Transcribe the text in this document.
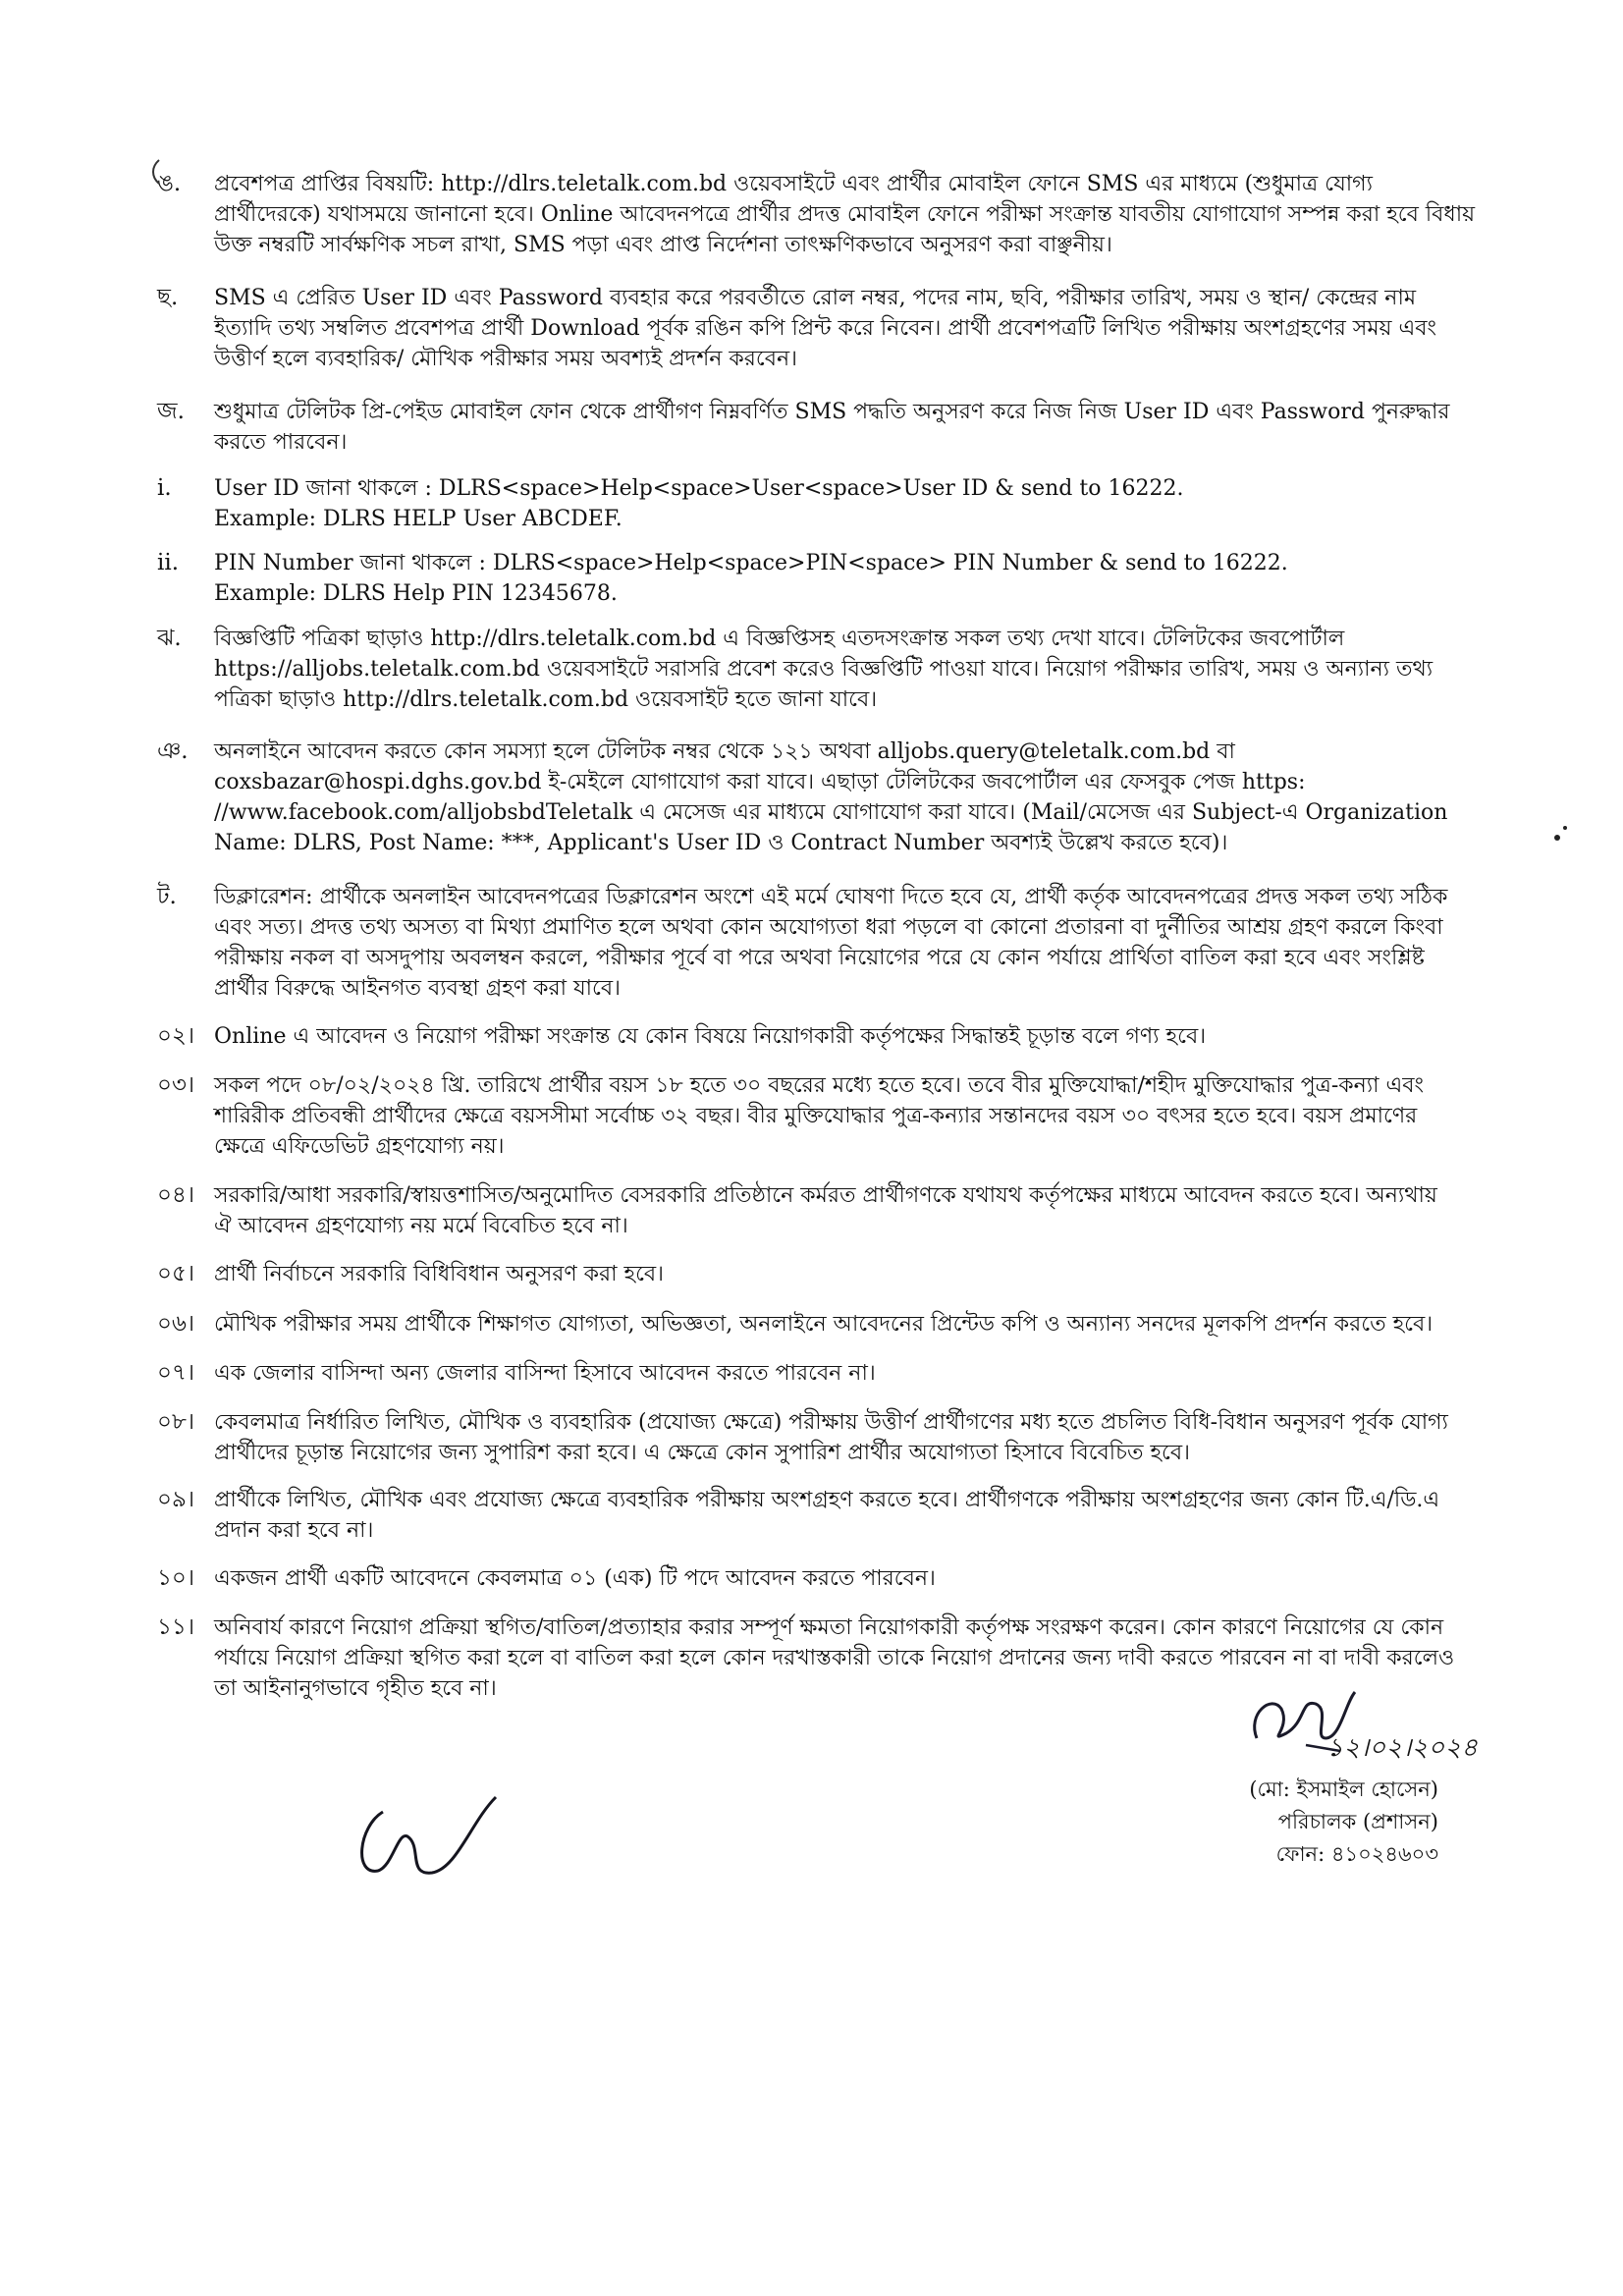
ঙ.	প্রবেশপত্র প্রাপ্তির বিষয়টি: http://dlrs.teletalk.com.bd ওয়েবসাইটে এবং প্রার্থীর মোবাইল ফোনে SMS এর মাধ্যমে (শুধুমাত্র যোগ্য
প্রার্থীদেরকে) যথাসময়ে জানানো হবে। Online আবেদনপত্রে প্রার্থীর প্রদত্ত মোবাইল ফোনে পরীক্ষা সংক্রান্ত যাবতীয় যোগাযোগ সম্পন্ন করা হবে বিধায়
উক্ত নম্বরটি সার্বক্ষণিক সচল রাখা, SMS পড়া এবং প্রাপ্ত নির্দেশনা তাৎক্ষণিকভাবে অনুসরণ করা বাঞ্ছনীয়।
ছ.	SMS এ প্রেরিত User ID এবং Password ব্যবহার করে পরবর্তীতে রোল নম্বর, পদের নাম, ছবি, পরীক্ষার তারিখ, সময় ও স্থান/ কেন্দ্রের নাম
ইত্যাদি তথ্য সম্বলিত প্রবেশপত্র প্রার্থী Download পূর্বক রঙিন কপি প্রিন্ট করে নিবেন। প্রার্থী প্রবেশপত্রটি লিখিত পরীক্ষায় অংশগ্রহণের সময় এবং
উত্তীর্ণ হলে ব্যবহারিক/ মৌখিক পরীক্ষার সময় অবশ্যই প্রদর্শন করবেন।
জ.	শুধুমাত্র টেলিটক প্রি-পেইড মোবাইল ফোন থেকে প্রার্থীগণ নিম্নবর্ণিত SMS পদ্ধতি অনুসরণ করে নিজ নিজ User ID এবং Password পুনরুদ্ধার
করতে পারবেন।
i.	User ID জানা থাকলে : DLRS<space>Help<space>User<space>User ID & send to 16222.
Example: DLRS HELP User ABCDEF.
ii.	PIN Number জানা থাকলে : DLRS<space>Help<space>PIN<space> PIN Number & send to 16222.
Example: DLRS Help PIN 12345678.
ঝ.	বিজ্ঞপ্তিটি পত্রিকা ছাড়াও http://dlrs.teletalk.com.bd এ বিজ্ঞপ্তিসহ এতদসংক্রান্ত সকল তথ্য দেখা যাবে। টেলিটকের জবপোর্টাল
https://alljobs.teletalk.com.bd ওয়েবসাইটে সরাসরি প্রবেশ করেও বিজ্ঞপ্তিটি পাওয়া যাবে। নিয়োগ পরীক্ষার তারিখ, সময় ও অন্যান্য তথ্য
পত্রিকা ছাড়াও http://dlrs.teletalk.com.bd ওয়েবসাইট হতে জানা যাবে।
ঞ.	অনলাইনে আবেদন করতে কোন সমস্যা হলে টেলিটক নম্বর থেকে ১২১ অথবা alljobs.query@teletalk.com.bd বা
coxsbazar@hospi.dghs.gov.bd ই-মেইলে যোগাযোগ করা যাবে। এছাড়া টেলিটকের জবপোর্টাল এর ফেসবুক পেজ https:
//www.facebook.com/alljobsbdTeletalk এ মেসেজ এর মাধ্যমে যোগাযোগ করা যাবে। (Mail/মেসেজ এর Subject-এ Organization
Name: DLRS, Post Name: ***, Applicant's User ID ও Contract Number অবশ্যই উল্লেখ করতে হবে)।
ট.	ডিক্লারেশন: প্রার্থীকে অনলাইন আবেদনপত্রের ডিক্লারেশন অংশে এই মর্মে ঘোষণা দিতে হবে যে, প্রার্থী কর্তৃক আবেদনপত্রের প্রদত্ত সকল তথ্য সঠিক
এবং সত্য। প্রদত্ত তথ্য অসত্য বা মিথ্যা প্রমাণিত হলে অথবা কোন অযোগ্যতা ধরা পড়লে বা কোনো প্রতারনা বা দুর্নীতির আশ্রয় গ্রহণ করলে কিংবা
পরীক্ষায় নকল বা অসদুপায় অবলম্বন করলে, পরীক্ষার পূর্বে বা পরে অথবা নিয়োগের পরে যে কোন পর্যায়ে প্রার্থিতা বাতিল করা হবে এবং সংশ্লিষ্ট
প্রার্থীর বিরুদ্ধে আইনগত ব্যবস্থা গ্রহণ করা যাবে।
০২। Online এ আবেদন ও নিয়োগ পরীক্ষা সংক্রান্ত যে কোন বিষয়ে নিয়োগকারী কর্তৃপক্ষের সিদ্ধান্তই চূড়ান্ত বলে গণ্য হবে।
০৩। সকল পদে ০৮/০২/২০২৪ খ্রি. তারিখে প্রার্থীর বয়স ১৮ হতে ৩০ বছরের মধ্যে হতে হবে। তবে বীর মুক্তিযোদ্ধা/শহীদ মুক্তিযোদ্ধার পুত্র-কন্যা এবং
শারিরীক প্রতিবন্ধী প্রার্থীদের ক্ষেত্রে বয়সসীমা সর্বোচ্চ ৩২ বছর। বীর মুক্তিযোদ্ধার পুত্র-কন্যার সন্তানদের বয়স ৩০ বৎসর হতে হবে। বয়স প্রমাণের
ক্ষেত্রে এফিডেভিট গ্রহণযোগ্য নয়।
০৪। সরকারি/আধা সরকারি/স্বায়ত্তশাসিত/অনুমোদিত বেসরকারি প্রতিষ্ঠানে কর্মরত প্রার্থীগণকে যথাযথ কর্তৃপক্ষের মাধ্যমে আবেদন করতে হবে। অন্যথায়
ঐ আবেদন গ্রহণযোগ্য নয় মর্মে বিবেচিত হবে না।
০৫। প্রার্থী নির্বাচনে সরকারি বিধিবিধান অনুসরণ করা হবে।
০৬। মৌখিক পরীক্ষার সময় প্রার্থীকে শিক্ষাগত যোগ্যতা, অভিজ্ঞতা, অনলাইনে আবেদনের প্রিন্টেড কপি ও অন্যান্য সনদের মূলকপি প্রদর্শন করতে হবে।
০৭। এক জেলার বাসিন্দা অন্য জেলার বাসিন্দা হিসাবে আবেদন করতে পারবেন না।
০৮। কেবলমাত্র নির্ধারিত লিখিত, মৌখিক ও ব্যবহারিক (প্রযোজ্য ক্ষেত্রে) পরীক্ষায় উত্তীর্ণ প্রার্থীগণের মধ্য হতে প্রচলিত বিধি-বিধান অনুসরণ পূর্বক যোগ্য
প্রার্থীদের চূড়ান্ত নিয়োগের জন্য সুপারিশ করা হবে। এ ক্ষেত্রে কোন সুপারিশ প্রার্থীর অযোগ্যতা হিসাবে বিবেচিত হবে।
০৯। প্রার্থীকে লিখিত, মৌখিক এবং প্রযোজ্য ক্ষেত্রে ব্যবহারিক পরীক্ষায় অংশগ্রহণ করতে হবে। প্রার্থীগণকে পরীক্ষায় অংশগ্রহণের জন্য কোন টি.এ/ডি.এ
প্রদান করা হবে না।
১০। একজন প্রার্থী একটি আবেদনে কেবলমাত্র ০১ (এক) টি পদে আবেদন করতে পারবেন।
১১। অনিবার্য কারণে নিয়োগ প্রক্রিয়া স্থগিত/বাতিল/প্রত্যাহার করার সম্পূর্ণ ক্ষমতা নিয়োগকারী কর্তৃপক্ষ সংরক্ষণ করেন। কোন কারণে নিয়োগের যে কোন
পর্যায়ে নিয়োগ প্রক্রিয়া স্থগিত করা হলে বা বাতিল করা হলে কোন দরখাস্তকারী তাকে নিয়োগ প্রদানের জন্য দাবী করতে পারবেন না বা দাবী করলেও
তা আইনানুগভাবে গৃহীত হবে না।
১২।০২।২০২৪
(মো: ইসমাইল হোসেন)
পরিচালক (প্রশাসন)
ফোন: ৪১০২৪৬০৩
